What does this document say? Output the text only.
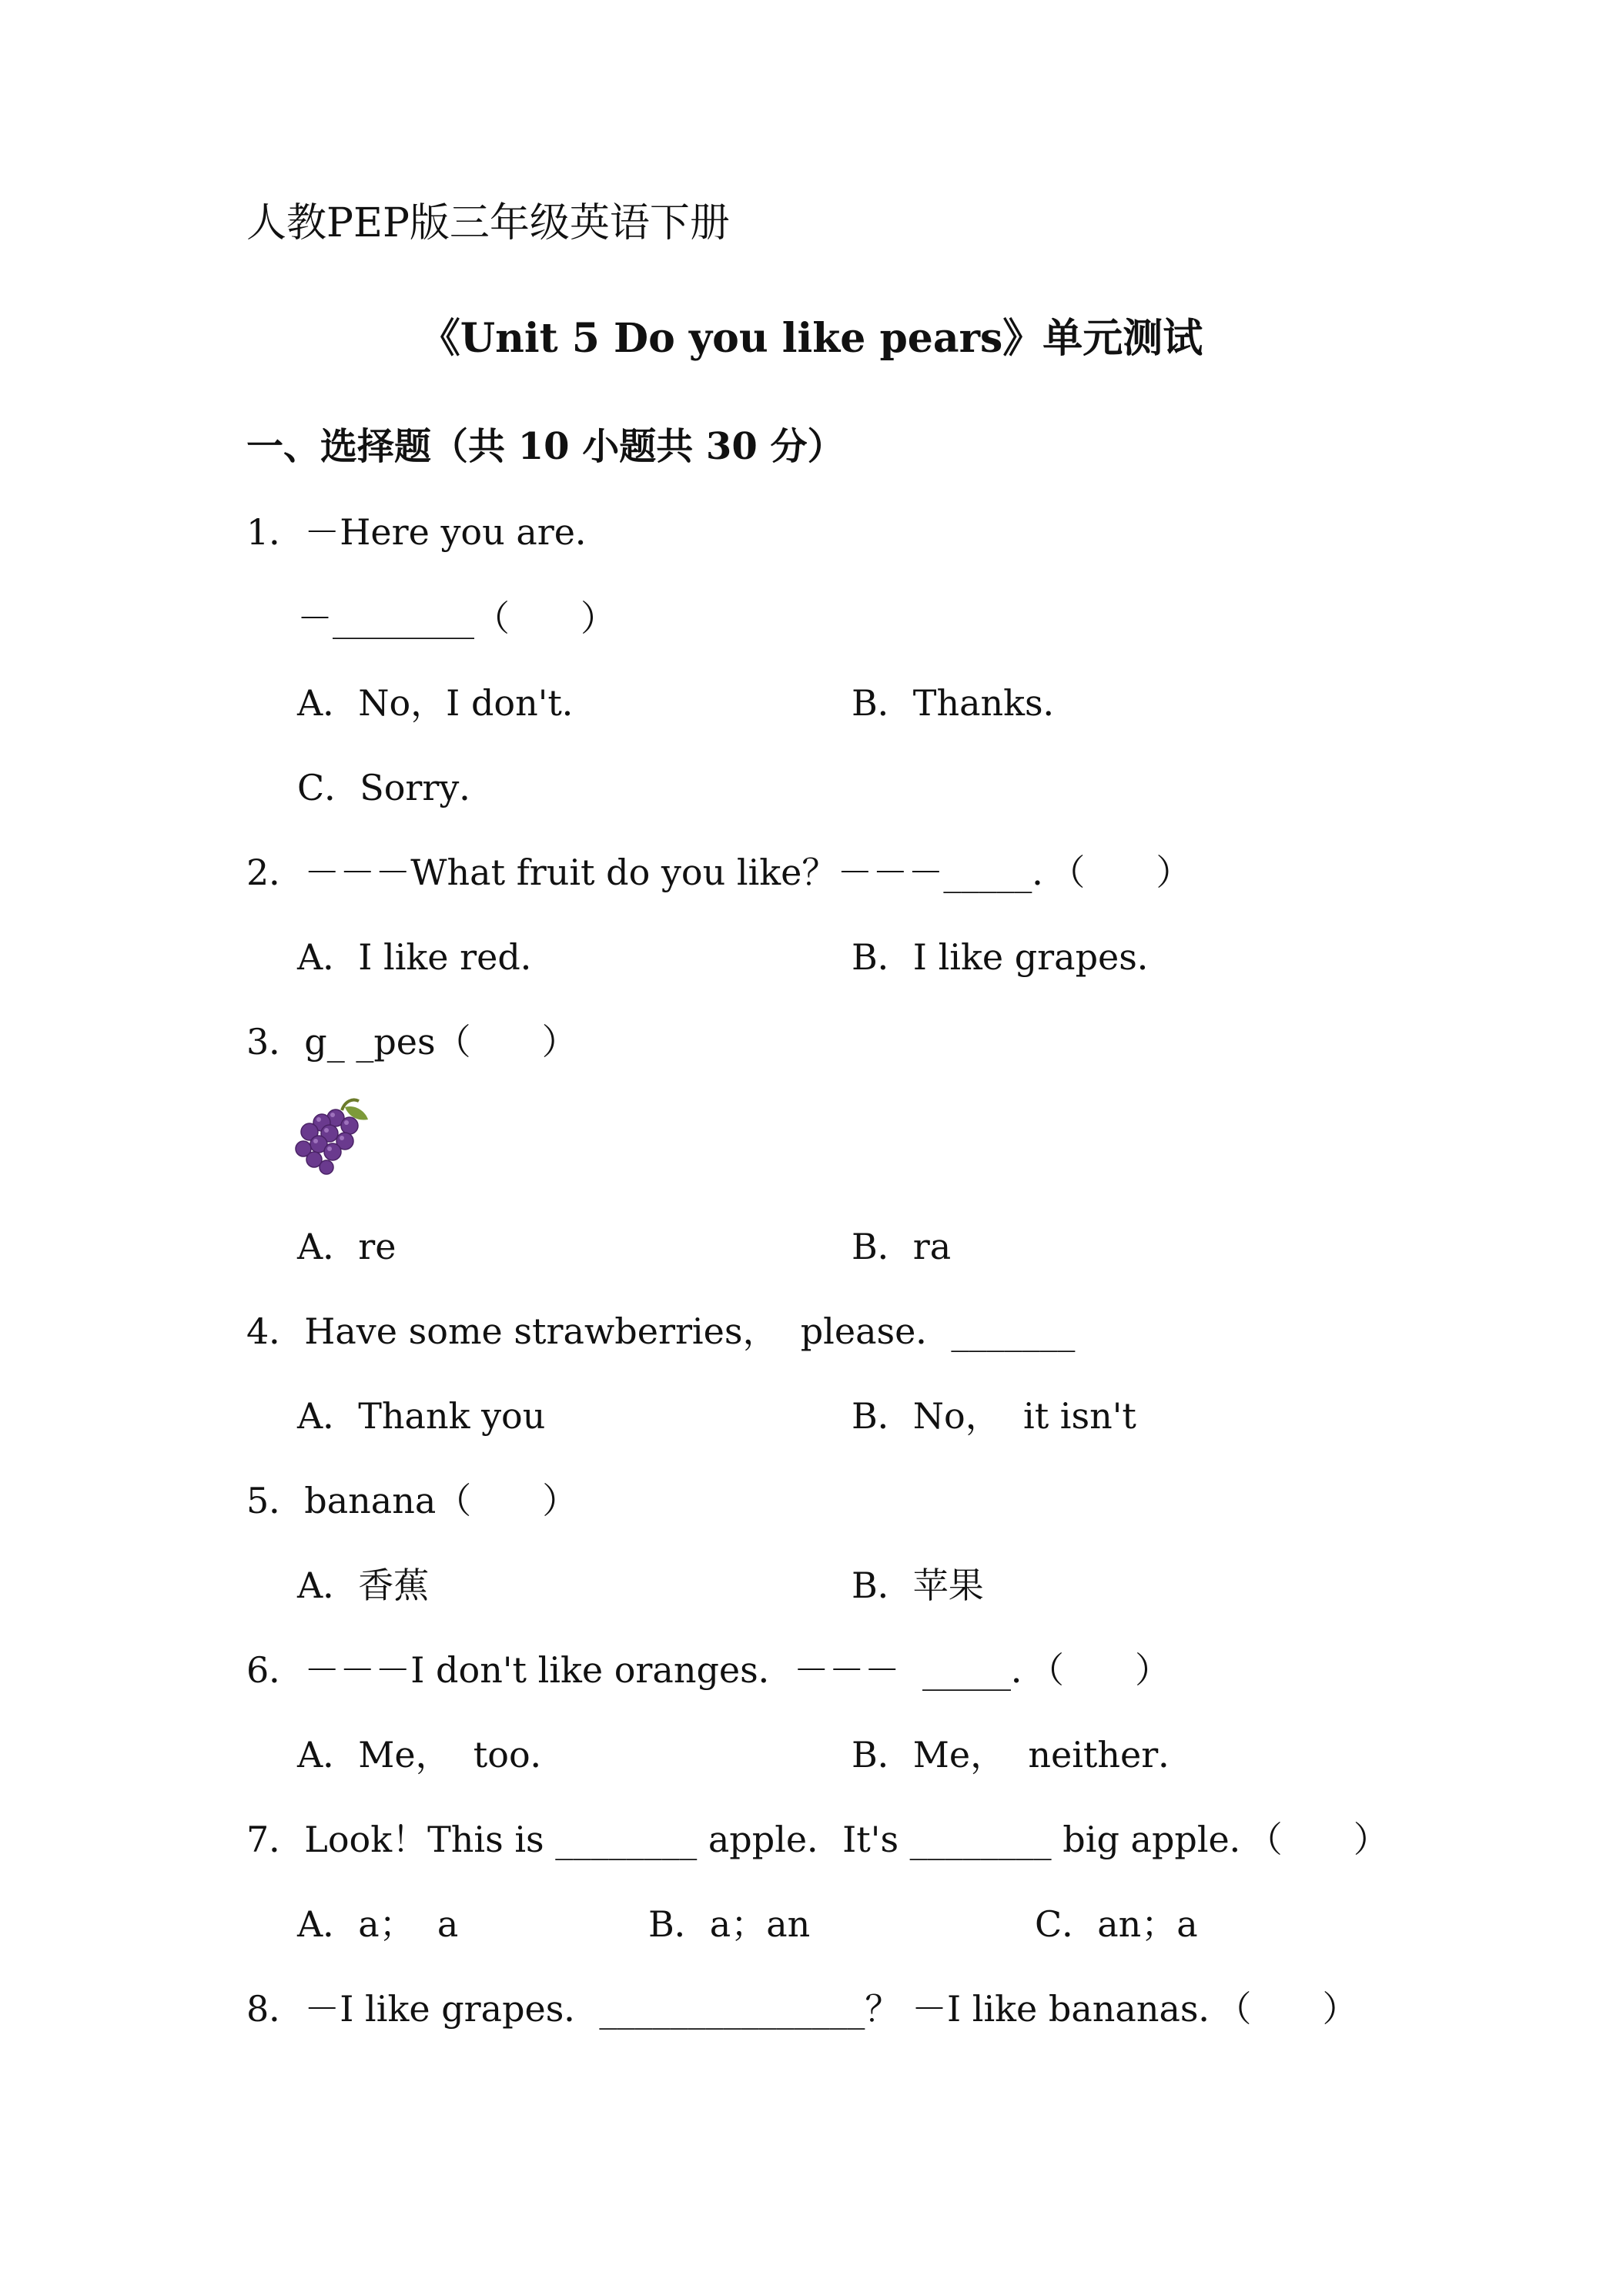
人教PEP版三年级英语下册
《Unit 5 Do you like pears》单元测试
一、选择题（共 10 小题共 30 分）
1．－Here you are．
－________（　　）
A．No，I don't．	B．Thanks．
C．Sorry．
2．－－－What fruit do you like？－－－_____．（　　）
A．I like red．	B．I like grapes．
3．g_ _pes（　　）
A．re	B．ra
4．Have some strawberries，  please．_______
A．Thank you	B．No，  it isn't
5．banana（　　）
A．香蕉	B．苹果
6．－－－I don't like oranges．－－－  _____．（　　）
A．Me，  too．	B．Me，  neither．
7．Look！This is ________ apple．It's ________ big apple．（　　）
A．a；  a	B．a；an	C．an；a
8．－I like grapes．_______________？ －I like bananas．（　　）
